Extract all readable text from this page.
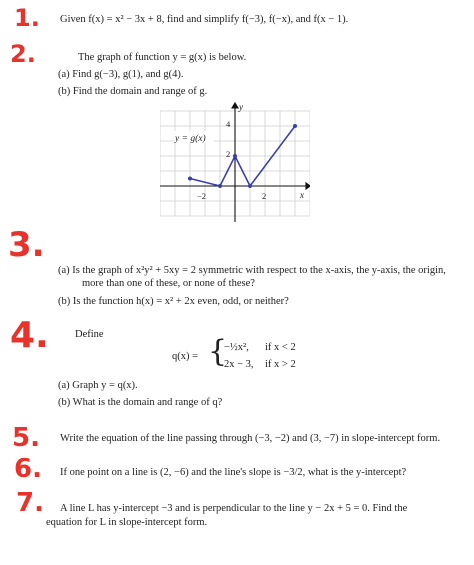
1.
2.
3.
4.
5.
6.
7.
Given f(x) = x² − 3x + 8, find and simplify f(−3), f(−x), and f(x − 1).
The graph of function y = g(x) is below.
(a) Find g(−3), g(1), and g(4).
(b) Find the domain and range of g.
y = g(x)
y
x
4
2
−2	2
(a) Is the graph of x²y² + 5xy = 2 symmetric with respect to the x-axis, the y-axis, the origin,
more than one of these, or none of these?
(b) Is the function h(x) = x² + 2x even, odd, or neither?
Define
q(x) = {
−½x², if x < 2
2x − 3, if x > 2
(a) Graph y = q(x).
(b) What is the domain and range of q?
Write the equation of the line passing through (−3, −2) and (3, −7) in slope-intercept form.
If one point on a line is (2, −6) and the line's slope is −3/2, what is the y-intercept?
A line L has y-intercept −3 and is perpendicular to the line y − 2x + 5 = 0. Find the
equation for L in slope-intercept form.
